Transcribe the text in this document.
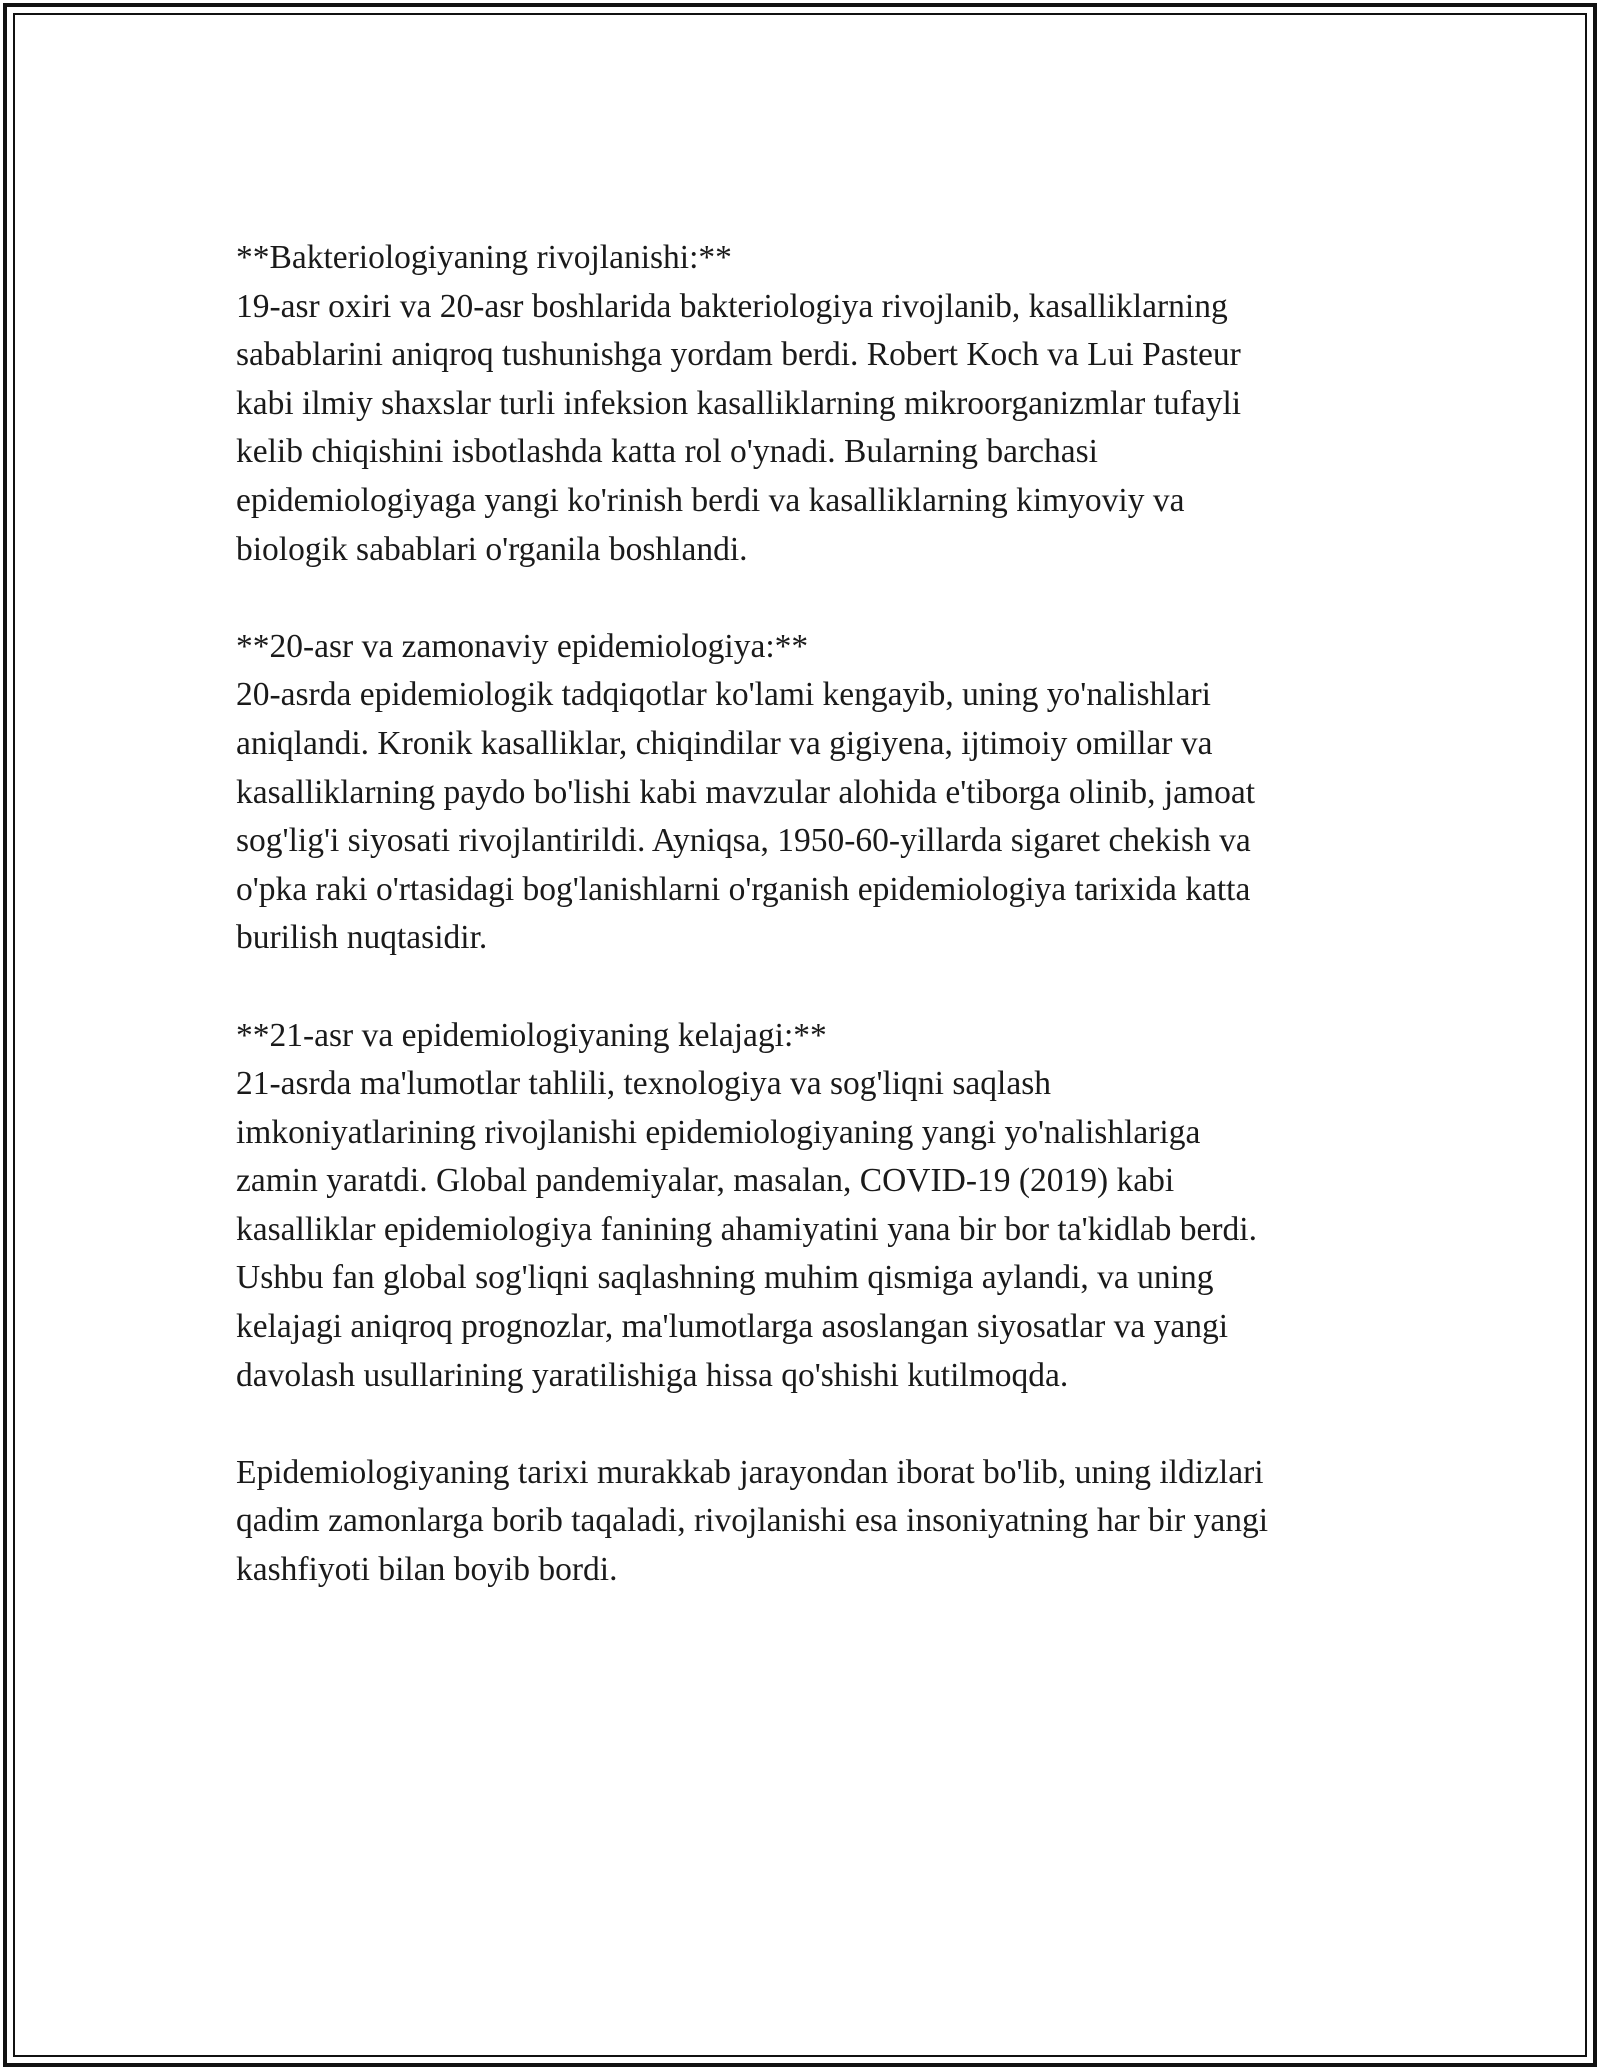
**Bakteriologiyaning rivojlanishi:**

19-asr oxiri va 20-asr boshlarida bakteriologiya rivojlanib, kasalliklarning
sabablarini aniqroq tushunishga yordam berdi. Robert Koch va Lui Pasteur
kabi ilmiy shaxslar turli infeksion kasalliklarning mikroorganizmlar tufayli
kelib chiqishini isbotlashda katta rol o'ynadi. Bularning barchasi
epidemiologiyaga yangi ko'rinish berdi va kasalliklarning kimyoviy va
biologik sabablari o'rganila boshlandi.

**20-asr va zamonaviy epidemiologiya:**

20-asrda epidemiologik tadqiqotlar ko'lami kengayib, uning yo'nalishlari
aniqlandi. Kronik kasalliklar, chiqindilar va gigiyena, ijtimoiy omillar va
kasalliklarning paydo bo'lishi kabi mavzular alohida e'tiborga olinib, jamoat
sog'lig'i siyosati rivojlantirildi. Ayniqsa, 1950-60-yillarda sigaret chekish va
o'pka raki o'rtasidagi bog'lanishlarni o'rganish epidemiologiya tarixida katta
burilish nuqtasidir.

**21-asr va epidemiologiyaning kelajagi:**

21-asrda ma'lumotlar tahlili, texnologiya va sog'liqni saqlash
imkoniyatlarining rivojlanishi epidemiologiyaning yangi yo'nalishlariga
zamin yaratdi. Global pandemiyalar, masalan, COVID-19 (2019) kabi
kasalliklar epidemiologiya fanining ahamiyatini yana bir bor ta'kidlab berdi.
Ushbu fan global sog'liqni saqlashning muhim qismiga aylandi, va uning
kelajagi aniqroq prognozlar, ma'lumotlarga asoslangan siyosatlar va yangi
davolash usullarining yaratilishiga hissa qo'shishi kutilmoqda.

Epidemiologiyaning tarixi murakkab jarayondan iborat bo'lib, uning ildizlari
qadim zamonlarga borib taqaladi, rivojlanishi esa insoniyatning har bir yangi
kashfiyoti bilan boyib bordi.
